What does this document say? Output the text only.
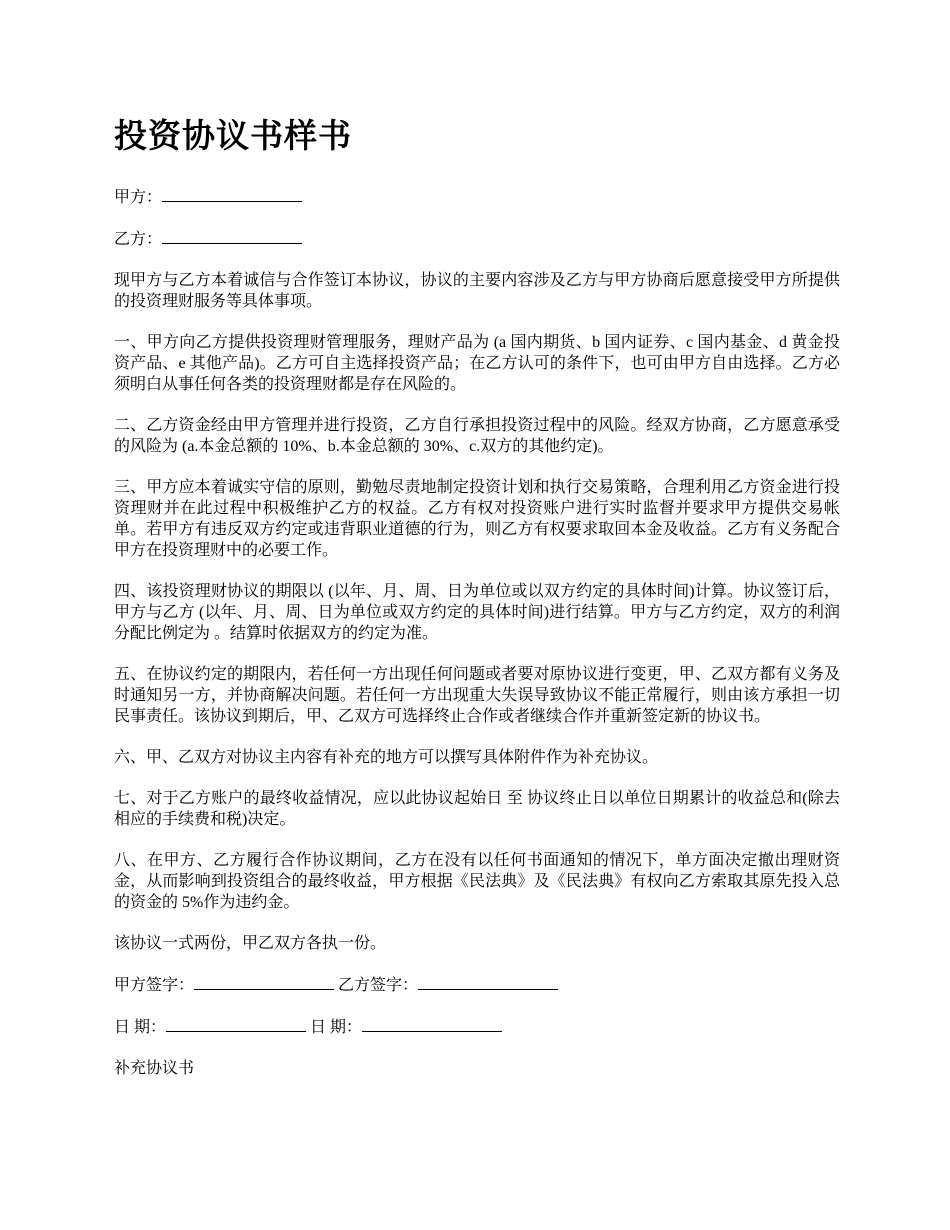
投资协议书样书

甲方：

乙方：

现甲方与乙方本着诚信与合作签订本协议，协议的主要内容涉及乙方与甲方协商后愿意接受甲方所提供的投资理财服务等具体事项。

一、甲方向乙方提供投资理财管理服务，理财产品为 (a 国内期货、b 国内证券、c 国内基金、d 黄金投资产品、e 其他产品)。乙方可自主选择投资产品；在乙方认可的条件下，也可由甲方自由选择。乙方必须明白从事任何各类的投资理财都是存在风险的。

二、乙方资金经由甲方管理并进行投资，乙方自行承担投资过程中的风险。经双方协商，乙方愿意承受的风险为 (a.本金总额的 10%、b.本金总额的 30%、c.双方的其他约定)。

三、甲方应本着诚实守信的原则，勤勉尽责地制定投资计划和执行交易策略，合理利用乙方资金进行投资理财并在此过程中积极维护乙方的权益。乙方有权对投资账户进行实时监督并要求甲方提供交易帐单。若甲方有违反双方约定或违背职业道德的行为，则乙方有权要求取回本金及收益。乙方有义务配合甲方在投资理财中的必要工作。

四、该投资理财协议的期限以 (以年、月、周、日为单位或以双方约定的具体时间)计算。协议签订后，甲方与乙方 (以年、月、周、日为单位或双方约定的具体时间)进行结算。甲方与乙方约定，双方的利润分配比例定为 。结算时依据双方的约定为准。

五、在协议约定的期限内，若任何一方出现任何问题或者要对原协议进行变更，甲、乙双方都有义务及时通知另一方，并协商解决问题。若任何一方出现重大失误导致协议不能正常履行，则由该方承担一切民事责任。该协议到期后，甲、乙双方可选择终止合作或者继续合作并重新签定新的协议书。

六、甲、乙双方对协议主内容有补充的地方可以撰写具体附件作为补充协议。

七、对于乙方账户的最终收益情况，应以此协议起始日 至 协议终止日以单位日期累计的收益总和(除去相应的手续费和税)决定。

八、在甲方、乙方履行合作协议期间，乙方在没有以任何书面通知的情况下，单方面决定撤出理财资金，从而影响到投资组合的最终收益，甲方根据《民法典》及《民法典》有权向乙方索取其原先投入总的资金的 5%作为违约金。

该协议一式两份，甲乙双方各执一份。

甲方签字：	乙方签字：

日 期：	日 期：

补充协议书
